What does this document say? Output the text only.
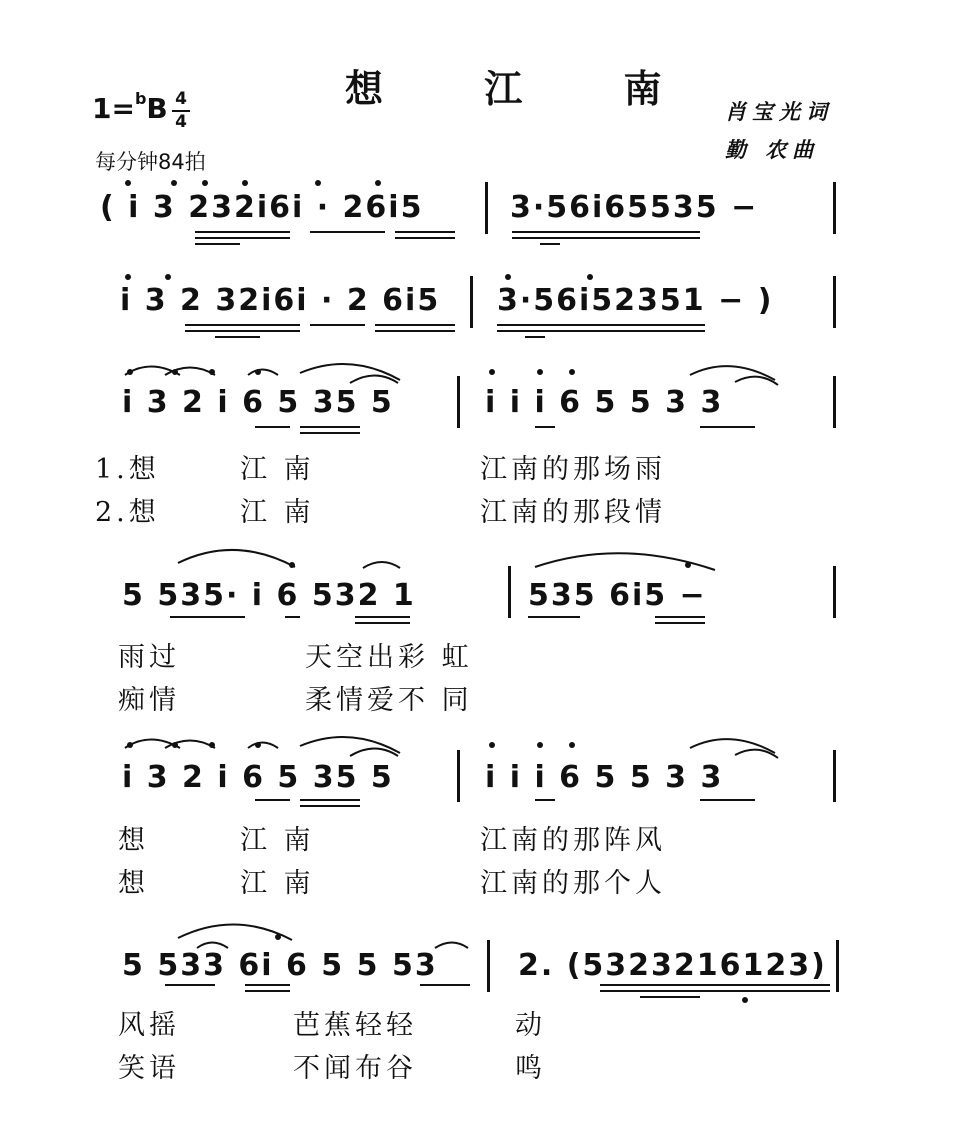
想 江 南
1=$^b$B 4
4
每分钟84拍
肖宝光词
勤 农曲
( i 3 232i6i · 26i5	3·56i65535 −
i 3 2 32i6i · 2 6i5 3·56i52351 − )
i 3 2 i 6 5 35 5	i i i 6 5 5 3 3
1.想	江 南	江南的那场雨
2.想	江 南	江南的那段情
5 535· i 6 532 1	535 6i5 −
雨过	天空出彩 虹
痴情	柔情爱不 同
i 3 2 i 6 5 35 5	i i i 6 5 5 3 3
想	江 南	江南的那阵风
想	江 南	江南的那个人
5 533 6i 6 5 5 53	2. (5323216123)
风摇	芭蕉轻轻	动
笑语	不闻布谷	鸣
